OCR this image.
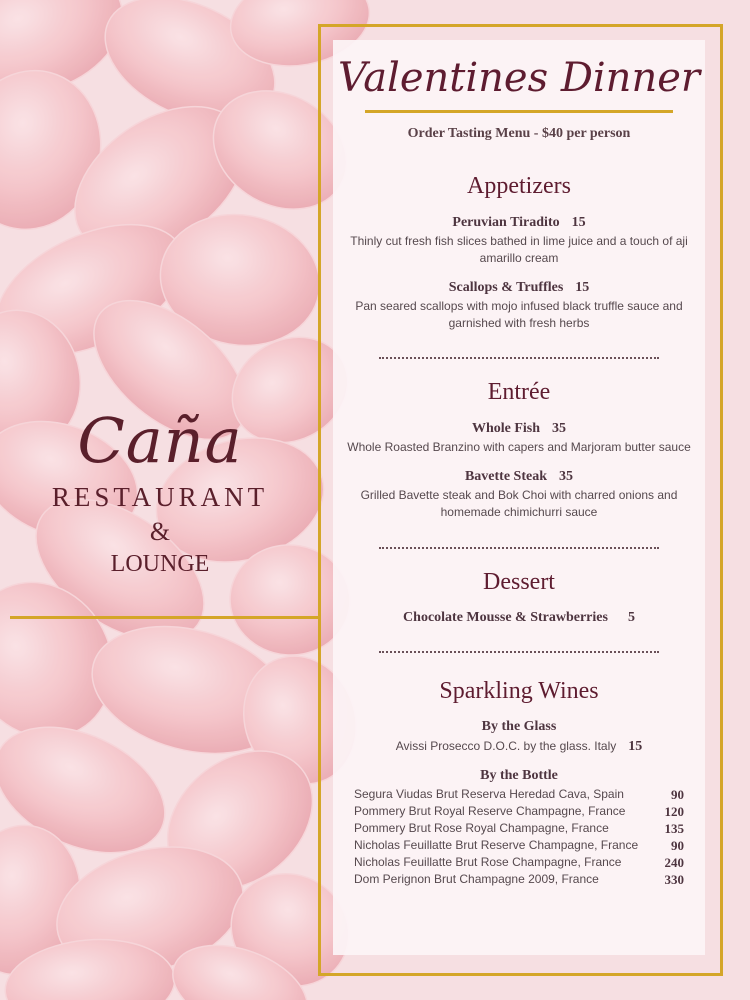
Caña
RESTAURANT
&
LOUNGE
Valentines Dinner
Order Tasting Menu - $40 per person
Appetizers
Peruvian Tiradito 15
Thinly cut fresh fish slices bathed in lime juice and a touch of aji amarillo cream
Scallops & Truffles 15
Pan seared scallops with mojo infused black truffle sauce and garnished with fresh herbs
Entrée
Whole Fish 35
Whole Roasted Branzino with capers and Marjoram butter sauce
Bavette Steak 35
Grilled Bavette steak and Bok Choi with charred onions and homemade chimichurri sauce
Dessert
Chocolate Mousse & Strawberries 5
Sparkling Wines
By the Glass
Avissi Prosecco D.O.C. by the glass. Italy 15
By the Bottle
Segura Viudas Brut Reserva Heredad Cava, Spain	90
Pommery Brut Royal Reserve Champagne, France	120
Pommery Brut Rose Royal Champagne, France	135
Nicholas Feuillatte Brut Reserve Champagne, France	90
Nicholas Feuillatte Brut Rose Champagne, France	240
Dom Perignon Brut Champagne 2009, France	330
